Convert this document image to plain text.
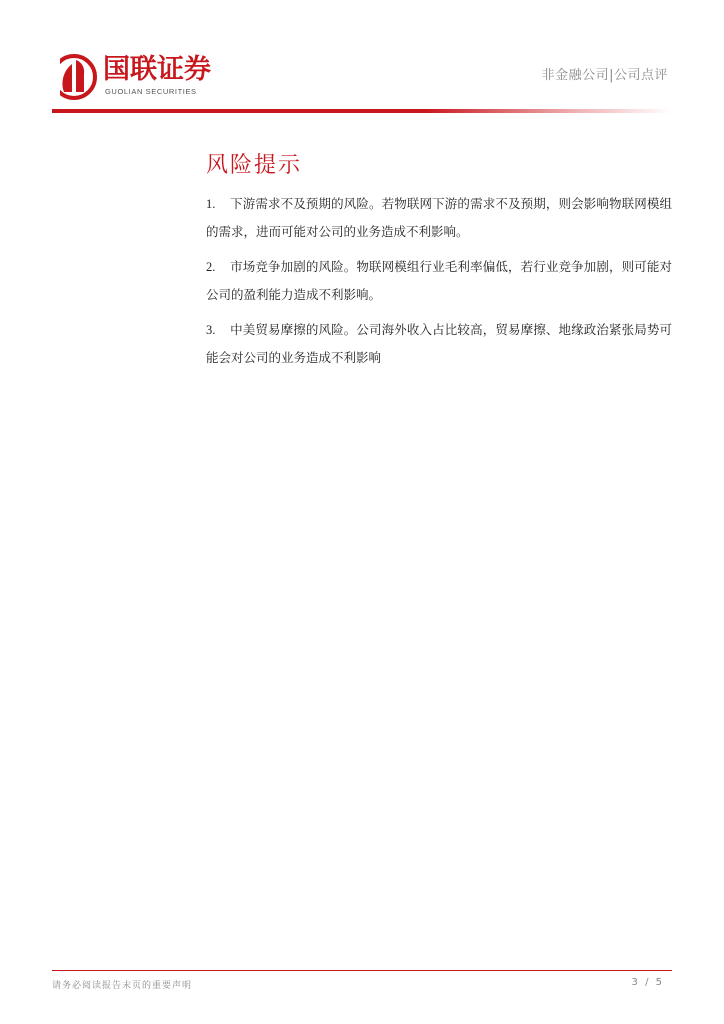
国联证券
GUOLIAN SECURITIES
非金融公司|公司点评
风险提示
1. 下游需求不及预期的风险。若物联网下游的需求不及预期，则会影响物联网模组的需求，进而可能对公司的业务造成不利影响。
2. 市场竞争加剧的风险。物联网模组行业毛利率偏低，若行业竞争加剧，则可能对公司的盈利能力造成不利影响。
3. 中美贸易摩擦的风险。公司海外收入占比较高，贸易摩擦、地缘政治紧张局势可能会对公司的业务造成不利影响
请务必阅读报告末页的重要声明	3 / 5
